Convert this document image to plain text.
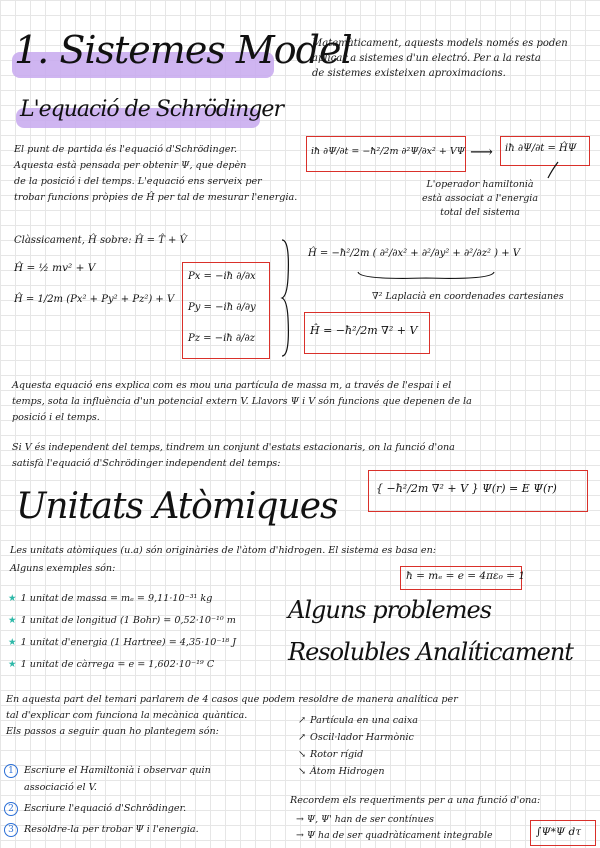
1. Sistemes Model
Matemàticament, aquests models només es poden
aplicar a sistemes d'un electró. Per a la resta
de sistemes existeixen aproximacions.
L'equació de Schrödinger
El punt de partida és l'equació d'Schrödinger.
Aquesta està pensada per obtenir Ψ, que depèn
de la posició i del temps. L'equació ens serveix per
trobar funcions pròpies de Ĥ per tal de mesurar l'energia.
iħ ∂Ψ/∂t = −ħ²/2m ∂²Ψ/∂x² + VΨ ⟶ iħ ∂Ψ/∂t = ĤΨ
L'operador hamiltonià
està associat a l'energia
total del sistema
Clàssicament, Ĥ sobre: Ĥ = T̂ + V̂
Ĥ = ½ mv² + V
Ĥ = 1/2m (Px² + Py² + Pz²) + V
Px = −iħ ∂/∂x
Py = −iħ ∂/∂y
Pz = −iħ ∂/∂z
Ĥ = −ħ²/2m ( ∂²/∂x² + ∂²/∂y² + ∂²/∂z² ) + V
∇² Laplacià en coordenades cartesianes
Ĥ = −ħ²/2m ∇² + V
Aquesta equació ens explica com es mou una partícula de massa m, a través de l'espai i el
temps, sota la influència d'un potencial extern V. Llavors Ψ i V són funcions que depenen de la
posició i el temps.
Si V és independent del temps, tindrem un conjunt d'estats estacionaris, on la funció d'ona
satisfà l'equació d'Schrödinger independent del temps:
{ −ħ²/2m ∇² + V } Ψ(r) = E Ψ(r)
Unitats Atòmiques
Les unitats atòmiques (u.a) són originàries de l'àtom d'hidrogen. El sistema es basa en:
Alguns exemples són:
ħ = mₑ = e = 4πε₀ = 1
★ 1 unitat de massa = mₑ = 9,11·10⁻³¹ kg
★ 1 unitat de longitud (1 Bohr) = 0,52·10⁻¹⁰ m
★ 1 unitat d'energia (1 Hartree) = 4,35·10⁻¹⁸ J
★ 1 unitat de càrrega = e = 1,602·10⁻¹⁹ C
Alguns problemes
Resolubles Analíticament
En aquesta part del temari parlarem de 4 casos que podem resoldre de manera analítica per
tal d'explicar com funciona la mecànica quàntica.
Els passos a seguir quan ho plantegem són:
↗ Partícula en una caixa
↗ Oscil·lador Harmònic
↘ Rotor rígid
↘ Àtom Hidrogen
1 Escriure el Hamiltonià i observar quin
associació el V.
2 Escriure l'equació d'Schrödinger.
3 Resoldre-la per trobar Ψ i l'energia.
Recordem els requeriments per a una funció d'ona:
→ Ψ, Ψ' han de ser contínues
→ Ψ ha de ser quadràticament integrable	∫Ψ*Ψ dτ
